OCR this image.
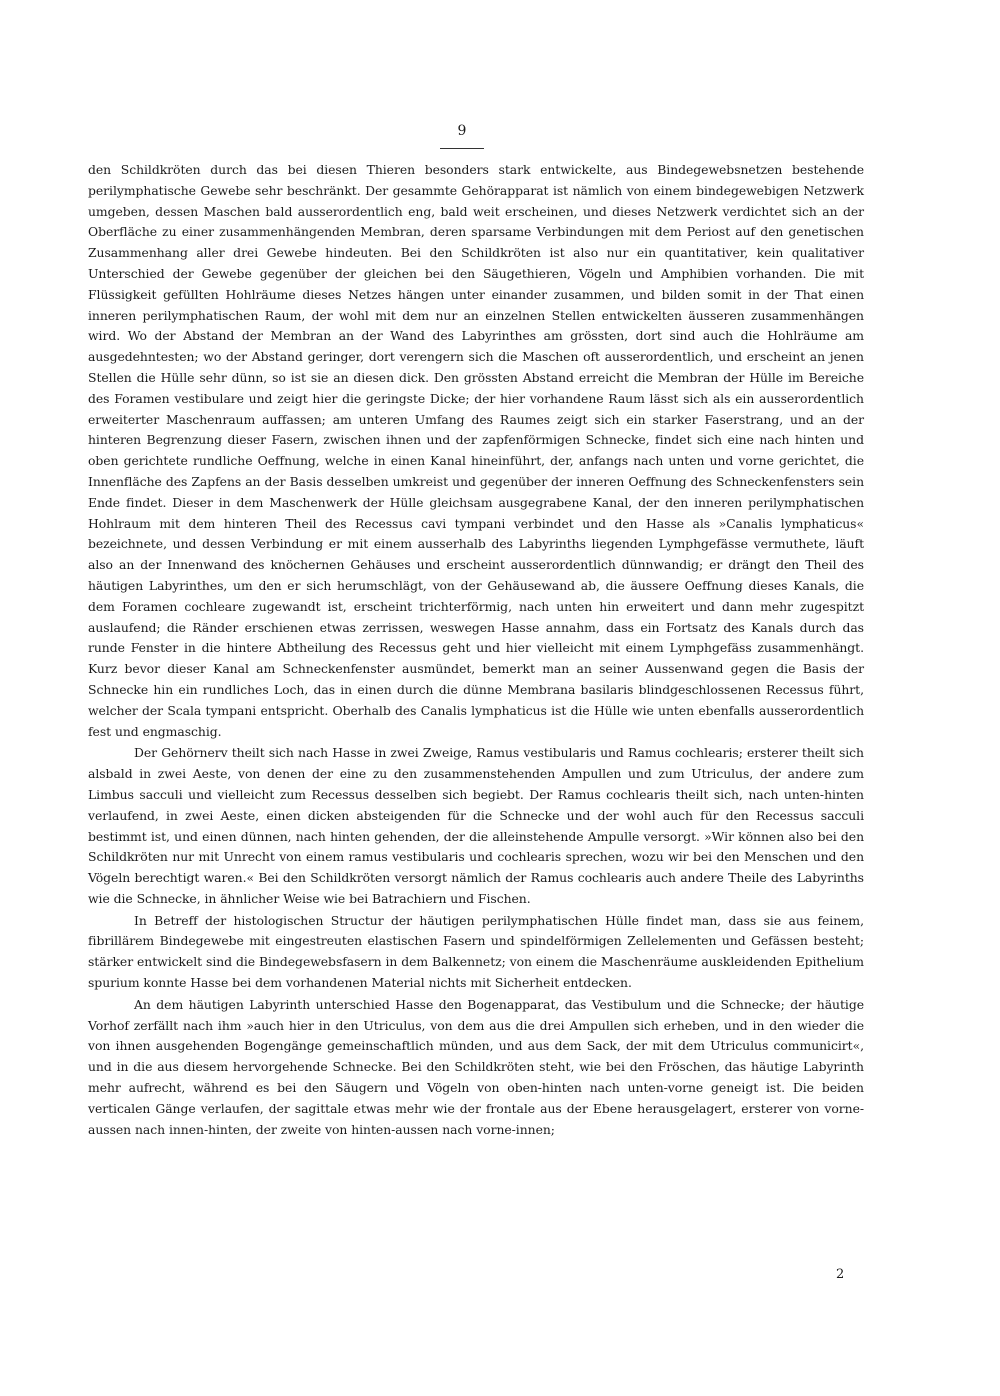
9

den Schildkröten durch das bei diesen Thieren besonders stark entwickelte, aus Bindegewebsnetzen bestehende perilymphatische Gewebe sehr beschränkt. Der gesammte Gehörapparat ist nämlich von einem bindegewebigen Netzwerk umgeben, dessen Maschen bald ausserordentlich eng, bald weit erscheinen, und dieses Netzwerk verdichtet sich an der Oberfläche zu einer zusammenhängenden Membran, deren sparsame Verbindungen mit dem Periost auf den genetischen Zusammenhang aller drei Gewebe hindeuten. Bei den Schildkröten ist also nur ein quantitativer, kein qualitativer Unterschied der Gewebe gegenüber der gleichen bei den Säugethieren, Vögeln und Amphibien vorhanden. Die mit Flüssigkeit gefüllten Hohlräume dieses Netzes hängen unter einander zusammen, und bilden somit in der That einen inneren perilymphatischen Raum, der wohl mit dem nur an einzelnen Stellen entwickelten äusseren zusammenhängen wird. Wo der Abstand der Membran an der Wand des Labyrinthes am grössten, dort sind auch die Hohlräume am ausgedehntesten; wo der Abstand geringer, dort verengern sich die Maschen oft ausserordentlich, und erscheint an jenen Stellen die Hülle sehr dünn, so ist sie an diesen dick. Den grössten Abstand erreicht die Membran der Hülle im Bereiche des Foramen vestibulare und zeigt hier die geringste Dicke; der hier vorhandene Raum lässt sich als ein ausserordentlich erweiterter Maschenraum auffassen; am unteren Umfang des Raumes zeigt sich ein starker Faserstrang, und an der hinteren Begrenzung dieser Fasern, zwischen ihnen und der zapfenförmigen Schnecke, findet sich eine nach hinten und oben gerichtete rundliche Oeffnung, welche in einen Kanal hineinführt, der, anfangs nach unten und vorne gerichtet, die Innenfläche des Zapfens an der Basis desselben umkreist und gegenüber der inneren Oeffnung des Schneckenfensters sein Ende findet. Dieser in dem Maschenwerk der Hülle gleichsam ausgegrabene Kanal, der den inneren perilymphatischen Hohlraum mit dem hinteren Theil des Recessus cavi tympani verbindet und den Hasse als »Canalis lymphaticus« bezeichnete, und dessen Verbindung er mit einem ausserhalb des Labyrinths liegenden Lymphgefässe vermuthete, läuft also an der Innenwand des knöchernen Gehäuses und erscheint ausserordentlich dünnwandig; er drängt den Theil des häutigen Labyrinthes, um den er sich herumschlägt, von der Gehäusewand ab, die äussere Oeffnung dieses Kanals, die dem Foramen cochleare zugewandt ist, erscheint trichterförmig, nach unten hin erweitert und dann mehr zugespitzt auslaufend; die Ränder erschienen etwas zerrissen, weswegen Hasse annahm, dass ein Fortsatz des Kanals durch das runde Fenster in die hintere Abtheilung des Recessus geht und hier vielleicht mit einem Lymphgefäss zusammenhängt. Kurz bevor dieser Kanal am Schneckenfenster ausmündet, bemerkt man an seiner Aussenwand gegen die Basis der Schnecke hin ein rundliches Loch, das in einen durch die dünne Membrana basilaris blindgeschlossenen Recessus führt, welcher der Scala tympani entspricht. Oberhalb des Canalis lymphaticus ist die Hülle wie unten ebenfalls ausserordentlich fest und engmaschig.

Der Gehörnerv theilt sich nach Hasse in zwei Zweige, Ramus vestibularis und Ramus cochlearis; ersterer theilt sich alsbald in zwei Aeste, von denen der eine zu den zusammenstehenden Ampullen und zum Utriculus, der andere zum Limbus sacculi und vielleicht zum Recessus desselben sich begiebt. Der Ramus cochlearis theilt sich, nach unten-hinten verlaufend, in zwei Aeste, einen dicken absteigenden für die Schnecke und der wohl auch für den Recessus sacculi bestimmt ist, und einen dünnen, nach hinten gehenden, der die alleinstehende Ampulle versorgt. »Wir können also bei den Schildkröten nur mit Unrecht von einem ramus vestibularis und cochlearis sprechen, wozu wir bei den Menschen und den Vögeln berechtigt waren.« Bei den Schildkröten versorgt nämlich der Ramus cochlearis auch andere Theile des Labyrinths wie die Schnecke, in ähnlicher Weise wie bei Batrachiern und Fischen.

In Betreff der histologischen Structur der häutigen perilymphatischen Hülle findet man, dass sie aus feinem, fibrillärem Bindegewebe mit eingestreuten elastischen Fasern und spindelförmigen Zellelementen und Gefässen besteht; stärker entwickelt sind die Bindegewebsfasern in dem Balkennetz; von einem die Maschenräume auskleidenden Epithelium spurium konnte Hasse bei dem vorhandenen Material nichts mit Sicherheit entdecken.

An dem häutigen Labyrinth unterschied Hasse den Bogenapparat, das Vestibulum und die Schnecke; der häutige Vorhof zerfällt nach ihm »auch hier in den Utriculus, von dem aus die drei Ampullen sich erheben, und in den wieder die von ihnen ausgehenden Bogengänge gemeinschaftlich münden, und aus dem Sack, der mit dem Utriculus communicirt«, und in die aus diesem hervorgehende Schnecke. Bei den Schildkröten steht, wie bei den Fröschen, das häutige Labyrinth mehr aufrecht, während es bei den Säugern und Vögeln von oben-hinten nach unten-vorne geneigt ist. Die beiden verticalen Gänge verlaufen, der sagittale etwas mehr wie der frontale aus der Ebene herausgelagert, ersterer von vorne-aussen nach innen-hinten, der zweite von hinten-aussen nach vorne-innen;

2
